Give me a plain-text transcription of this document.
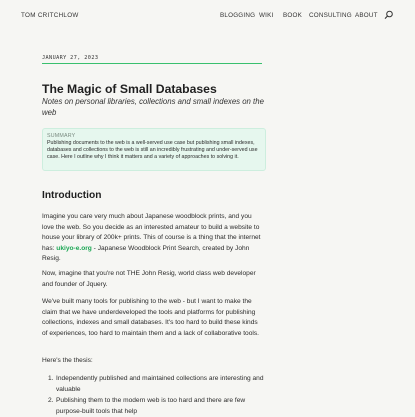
TOM CRITCHLOW	BLOGGING WIKI BOOK CONSULTING ABOUT
JANUARY 27, 2023
The Magic of Small Databases

Notes on personal libraries, collections and small indexes on the web

SUMMARY
Publishing documents to the web is a well-served use case but publishing small indexes, databases and collections to the web is still an incredibly frustrating and under-served use case. Here I outline why I think it matters and a variety of approaches to solving it.
Introduction

Imagine you care very much about Japanese woodblock prints, and you love the web. So you decide as an interested amateur to build a website to house your library of 200k+ prints. This of course is a thing that the internet has: ukiyo-e.org - Japanese Woodblock Print Search, created by John Resig.

Now, imagine that you're not THE John Resig, world class web developer and founder of Jquery.

We've built many tools for publishing to the web - but I want to make the claim that we have underdeveloped the tools and platforms for publishing collections, indexes and small databases. It's too hard to build these kinds of experiences, too hard to maintain them and a lack of collaborative tools.

Here's the thesis:

1. Independently published and maintained collections are interesting and valuable
2. Publishing them to the modern web is too hard and there are few purpose-built tools that help
